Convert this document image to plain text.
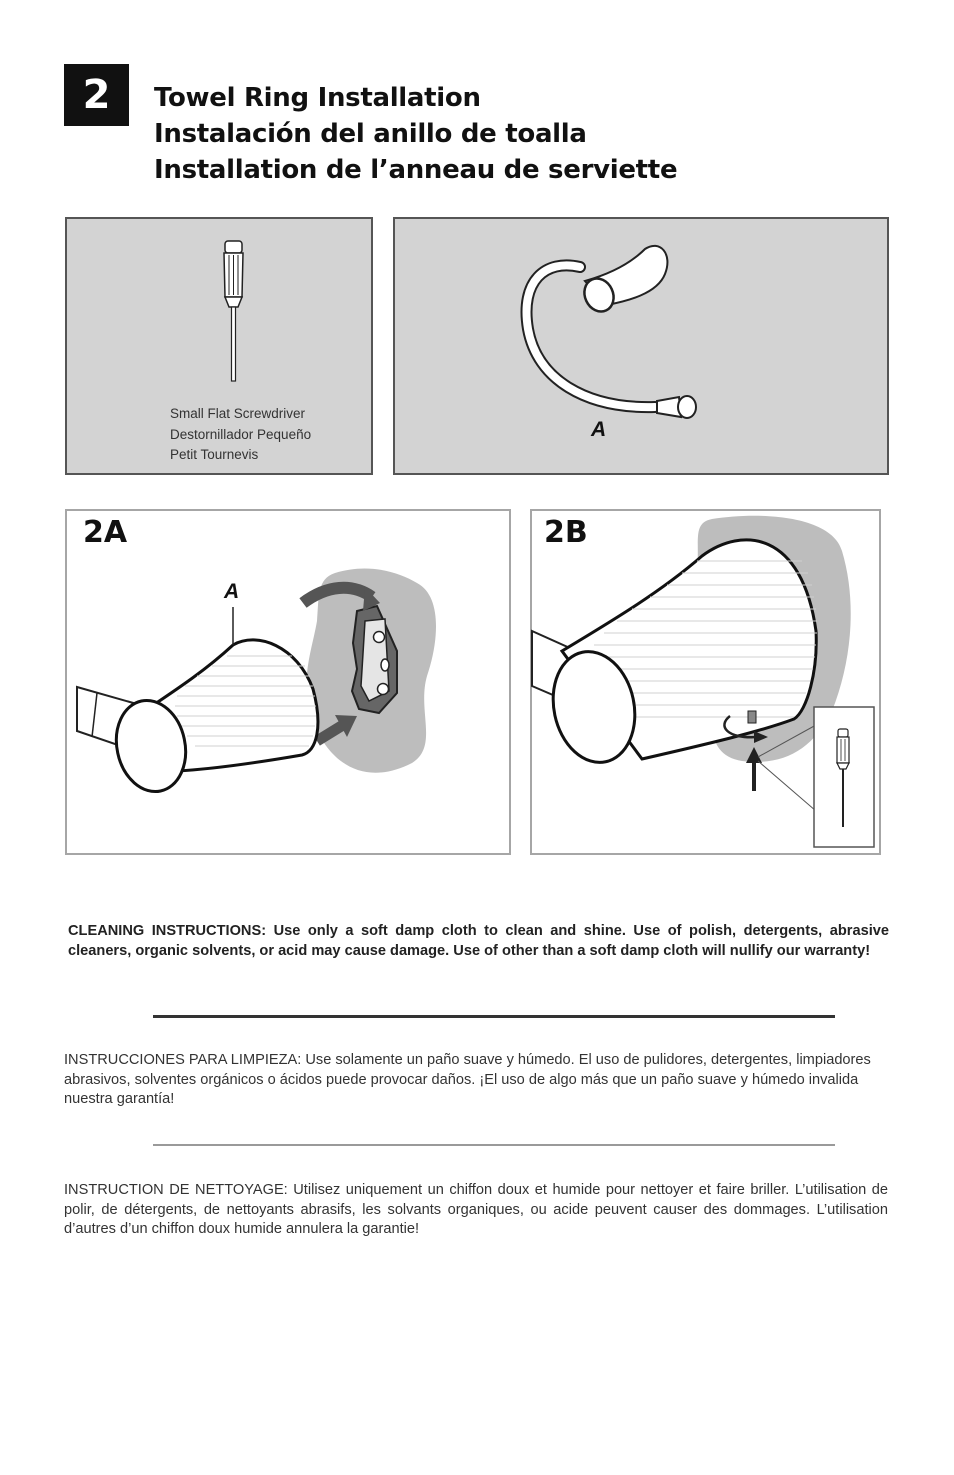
2	Towel Ring Installation
Instalación del anillo de toalla
Installation de l’anneau de serviette
Small Flat Screwdriver
Destornillador Pequeño
Petit Tournevis
A
2A
A
2B
CLEANING INSTRUCTIONS: Use only a soft damp cloth to clean and shine. Use of polish, detergents, abrasive cleaners, organic solvents, or acid may cause damage. Use of other than a soft damp cloth will nullify our warranty!
INSTRUCCIONES PARA LIMPIEZA: Use solamente un paño suave y húmedo. El uso de pulidores, detergentes, limpiadores abrasivos, solventes orgánicos o ácidos puede provocar daños. ¡El uso de algo más que un paño suave y húmedo invalida nuestra garantía!
INSTRUCTION DE NETTOYAGE: Utilisez uniquement un chiffon doux et humide pour nettoyer et faire briller. L’utilisation de polir, de détergents, de nettoyants abrasifs, les solvants organiques, ou acide peuvent causer des dommages. L’utilisation d’autres d’un chiffon doux humide annulera la garantie!
